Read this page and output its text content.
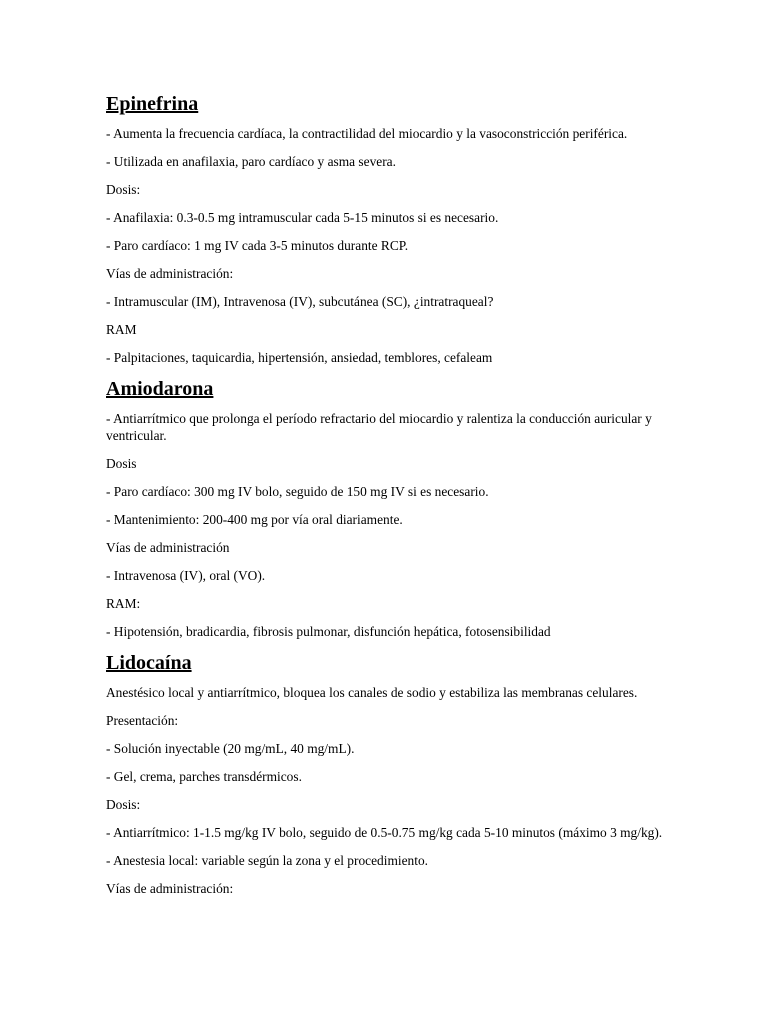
Epinefrina

- Aumenta la frecuencia cardíaca, la contractilidad del miocardio y la vasoconstricción periférica.

- Utilizada en anafilaxia, paro cardíaco y asma severa.

Dosis:

- Anafilaxia: 0.3-0.5 mg intramuscular cada 5-15 minutos si es necesario.

- Paro cardíaco: 1 mg IV cada 3-5 minutos durante RCP.

Vías de administración:

- Intramuscular (IM), Intravenosa (IV), subcutánea (SC), ¿intratraqueal?

RAM

- Palpitaciones, taquicardia, hipertensión, ansiedad, temblores, cefaleam

Amiodarona

- Antiarrítmico que prolonga el período refractario del miocardio y ralentiza la conducción auricular y ventricular.

Dosis

- Paro cardíaco: 300 mg IV bolo, seguido de 150 mg IV si es necesario.

- Mantenimiento: 200-400 mg por vía oral diariamente.

Vías de administración

- Intravenosa (IV), oral (VO).

RAM:

- Hipotensión, bradicardia, fibrosis pulmonar, disfunción hepática, fotosensibilidad

Lidocaína

Anestésico local y antiarrítmico, bloquea los canales de sodio y estabiliza las membranas celulares.

Presentación:

- Solución inyectable (20 mg/mL, 40 mg/mL).

- Gel, crema, parches transdérmicos.

Dosis:

- Antiarrítmico: 1-1.5 mg/kg IV bolo, seguido de 0.5-0.75 mg/kg cada 5-10 minutos (máximo 3 mg/kg).

- Anestesia local: variable según la zona y el procedimiento.

Vías de administración:
